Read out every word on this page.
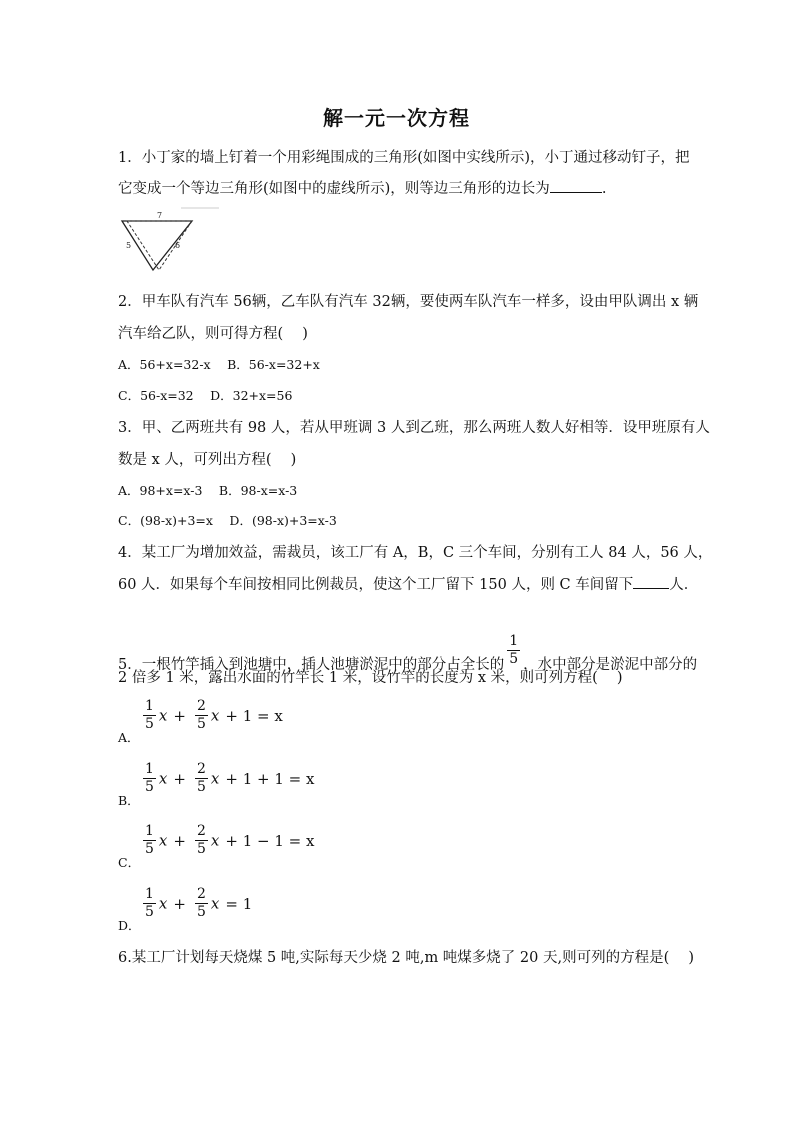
解一元一次方程
1．小丁家的墙上钉着一个用彩绳围成的三角形(如图中实线所示)，小丁通过移动钉子，把
它变成一个等边三角形(如图中的虚线所示)，则等边三角形的边长为	.
7
5	6
2．甲车队有汽车 56辆，乙车队有汽车 32辆，要使两车队汽车一样多，设由甲队调出 x 辆
汽车给乙队，则可得方程(　 )
A．56+x=32-x　 B．56-x=32+x
C．56-x=32　 D．32+x=56
3．甲、乙两班共有 98 人，若从甲班调 3 人到乙班，那么两班人数人好相等．设甲班原有人
数是 x 人，可列出方程(　 )
A．98+x=x-3　 B．98-x=x-3
C．(98-x)+3=x　 D．(98-x)+3=x-3
4．某工厂为增加效益，需裁员，该工厂有 A，B，C 三个车间，分别有工人 84 人，56 人，
60 人．如果每个车间按相同比例裁员，使这个工厂留下 150 人，则 C 车间留下 人．
5．一根竹竿插入到池塘中，插人池塘淤泥中的部分占全长的 $\frac{1}{5}$ ，水中部分是淤泥中部分的
2 倍多 1 米，露出水面的竹竿长 1 米，设竹竿的长度为 x 米，则可列方程(　 )
A．
$\frac{1}{5}$ $x + \frac{2}{5}$ x + 1 = x
B．
$\frac{1}{5}$ $x + \frac{2}{5}$ x + 1 + 1 = x
C．
$\frac{1}{5}$ $x + \frac{2}{5}$ x + 1 − 1 = x
D．
$\frac{1}{5}$ $x + \frac{2}{5}$ x = 1
6.某工厂计划每天烧煤 5 吨,实际每天少烧 2 吨,m 吨煤多烧了 20 天,则可列的方程是(　 )
